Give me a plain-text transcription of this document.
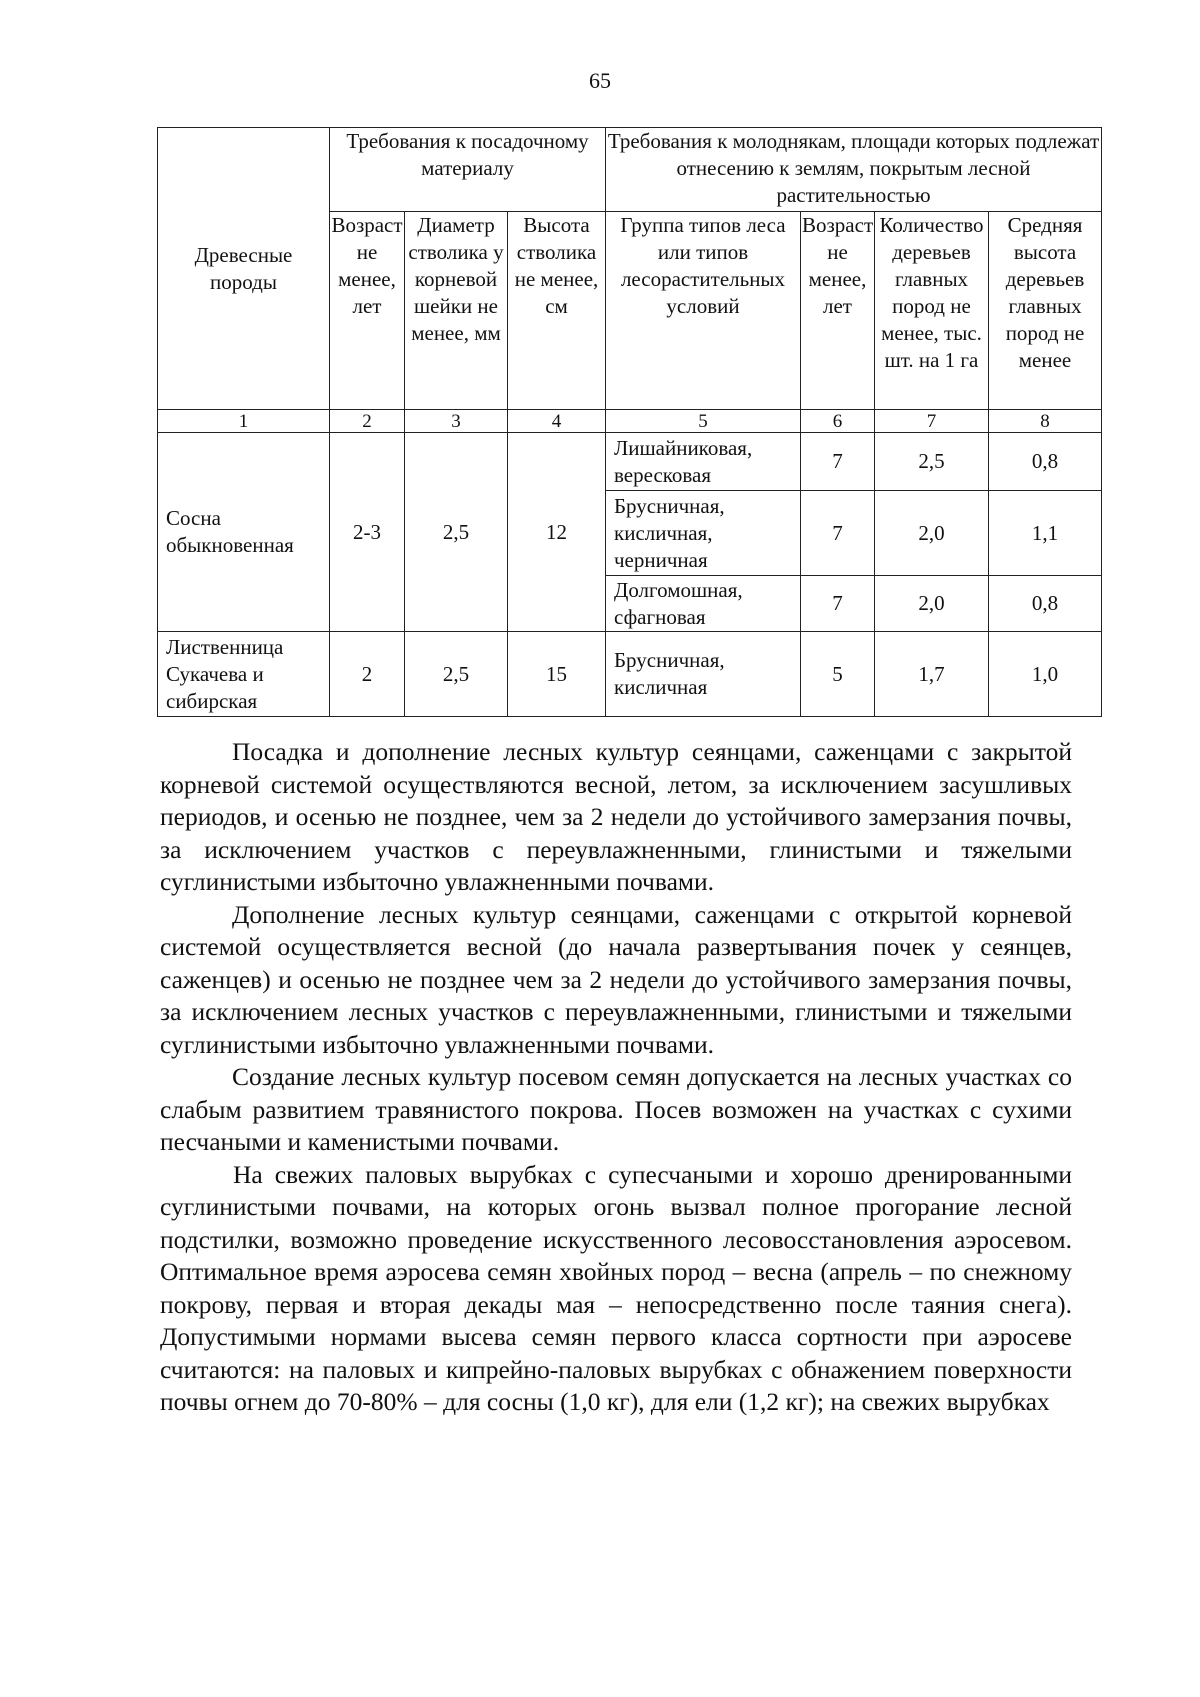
65
Древесные породы	Требования к посадочному материалу			Требования к молоднякам, площади которых подлежат отнесению к землям, покрытым лесной растительностью			
	Возраст не менее, лет	Диаметр стволика у корневой шейки не менее, мм	Высота стволика не менее, см	Группа типов леса или типов лесорастительных условий	Возраст не менее, лет	Количество деревьев главных пород не менее, тыс. шт. на 1 га	Средняя высота деревьев главных пород не менее
1	2	3	4	5	6	7	8
Сосна обыкновенная	2-3	2,5	12	Лишайниковая, вересковая	7	2,5	0,8
				Брусничная, кисличная, черничная	7	2,0	1,1
				Долгомошная, сфагновая	7	2,0	0,8
Лиственница Сукачева и сибирская	2	2,5	15	Брусничная, кисличная	5	1,7	1,0

Посадка и дополнение лесных культур сеянцами, саженцами с закрытой корневой системой осуществляются весной, летом, за исключением засушливых периодов, и осенью не позднее, чем за 2 недели до устойчивого замерзания почвы, за исключением участков с переувлажненными, глинистыми и тяжелыми суглинистыми избыточно увлажненными почвами.

Дополнение лесных культур сеянцами, саженцами с открытой корневой системой осуществляется весной (до начала развертывания почек у сеянцев, саженцев) и осенью не позднее чем за 2 недели до устойчивого замерзания почвы, за исключением лесных участков с переувлажненными, глинистыми и тяжелыми суглинистыми избыточно увлажненными почвами.

Создание лесных культур посевом семян допускается на лесных участках со слабым развитием травянистого покрова. Посев возможен на участках с сухими песчаными и каменистыми почвами.

На свежих паловых вырубках с супесчаными и хорошо дренированными суглинистыми почвами, на которых огонь вызвал полное прогорание лесной подстилки, возможно проведение искусственного лесовосстановления аэросевом. Оптимальное время аэросева семян хвойных пород – весна (апрель – по снежному покрову, первая и вторая декады мая – непосредственно после таяния снега). Допустимыми нормами высева семян первого класса сортности при аэросеве считаются: на паловых и кипрейно-паловых вырубках с обнажением поверхности почвы огнем до 70-80% – для сосны (1,0 кг), для ели (1,2 кг); на свежих вырубках
